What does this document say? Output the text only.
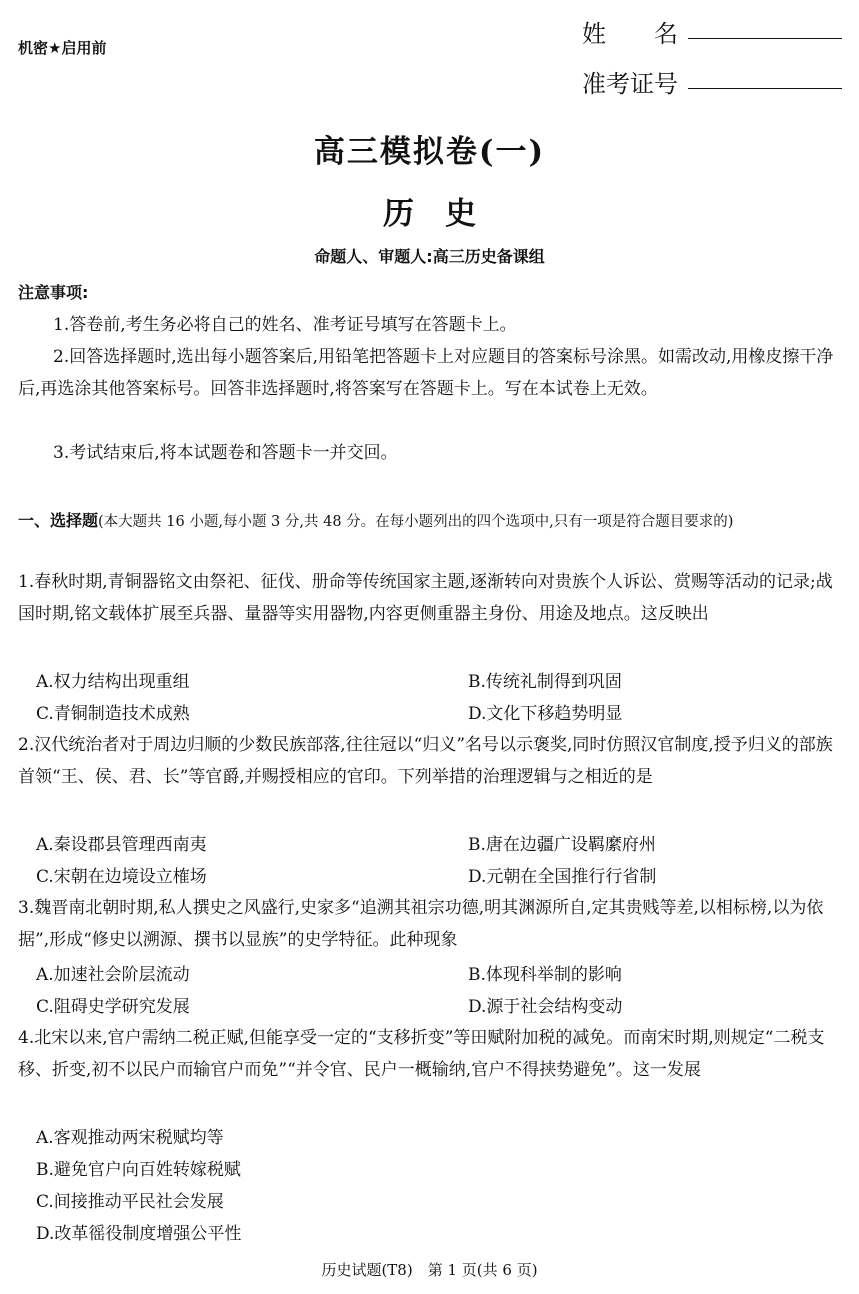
机密★启用前	姓　　名
准考证号
高三模拟卷(一)
历　史
命题人、审题人:高三历史备课组
注意事项:
1.答卷前,考生务必将自己的姓名、准考证号填写在答题卡上。
2.回答选择题时,选出每小题答案后,用铅笔把答题卡上对应题目的答案标号涂黑。如需改动,用橡皮擦干净后,再选涂其他答案标号。回答非选择题时,将答案写在答题卡上。写在本试卷上无效。
3.考试结束后,将本试题卷和答题卡一并交回。
一、选择题(本大题共 16 小题,每小题 3 分,共 48 分。在每小题列出的四个选项中,只有一项是符合题目要求的)
1.春秋时期,青铜器铭文由祭祀、征伐、册命等传统国家主题,逐渐转向对贵族个人诉讼、赏赐等活动的记录;战国时期,铭文载体扩展至兵器、量器等实用器物,内容更侧重器主身份、用途及地点。这反映出
A.权力结构出现重组	B.传统礼制得到巩固
C.青铜制造技术成熟	D.文化下移趋势明显
2.汉代统治者对于周边归顺的少数民族部落,往往冠以“归义”名号以示褒奖,同时仿照汉官制度,授予归义的部族首领“王、侯、君、长”等官爵,并赐授相应的官印。下列举措的治理逻辑与之相近的是
A.秦设郡县管理西南夷	B.唐在边疆广设羁縻府州
C.宋朝在边境设立榷场	D.元朝在全国推行行省制
3.魏晋南北朝时期,私人撰史之风盛行,史家多“追溯其祖宗功德,明其渊源所自,定其贵贱等差,以相标榜,以为依据”,形成“修史以溯源、撰书以显族”的史学特征。此种现象
A.加速社会阶层流动	B.体现科举制的影响
C.阻碍史学研究发展	D.源于社会结构变动
4.北宋以来,官户需纳二税正赋,但能享受一定的“支移折变”等田赋附加税的减免。而南宋时期,则规定“二税支移、折变,初不以民户而输官户而免”“并令官、民户一概输纳,官户不得挟势避免”。这一发展
A.客观推动两宋税赋均等
B.避免官户向百姓转嫁税赋
C.间接推动平民社会发展
D.改革徭役制度增强公平性
历史试题(T8)　第 1 页(共 6 页)
